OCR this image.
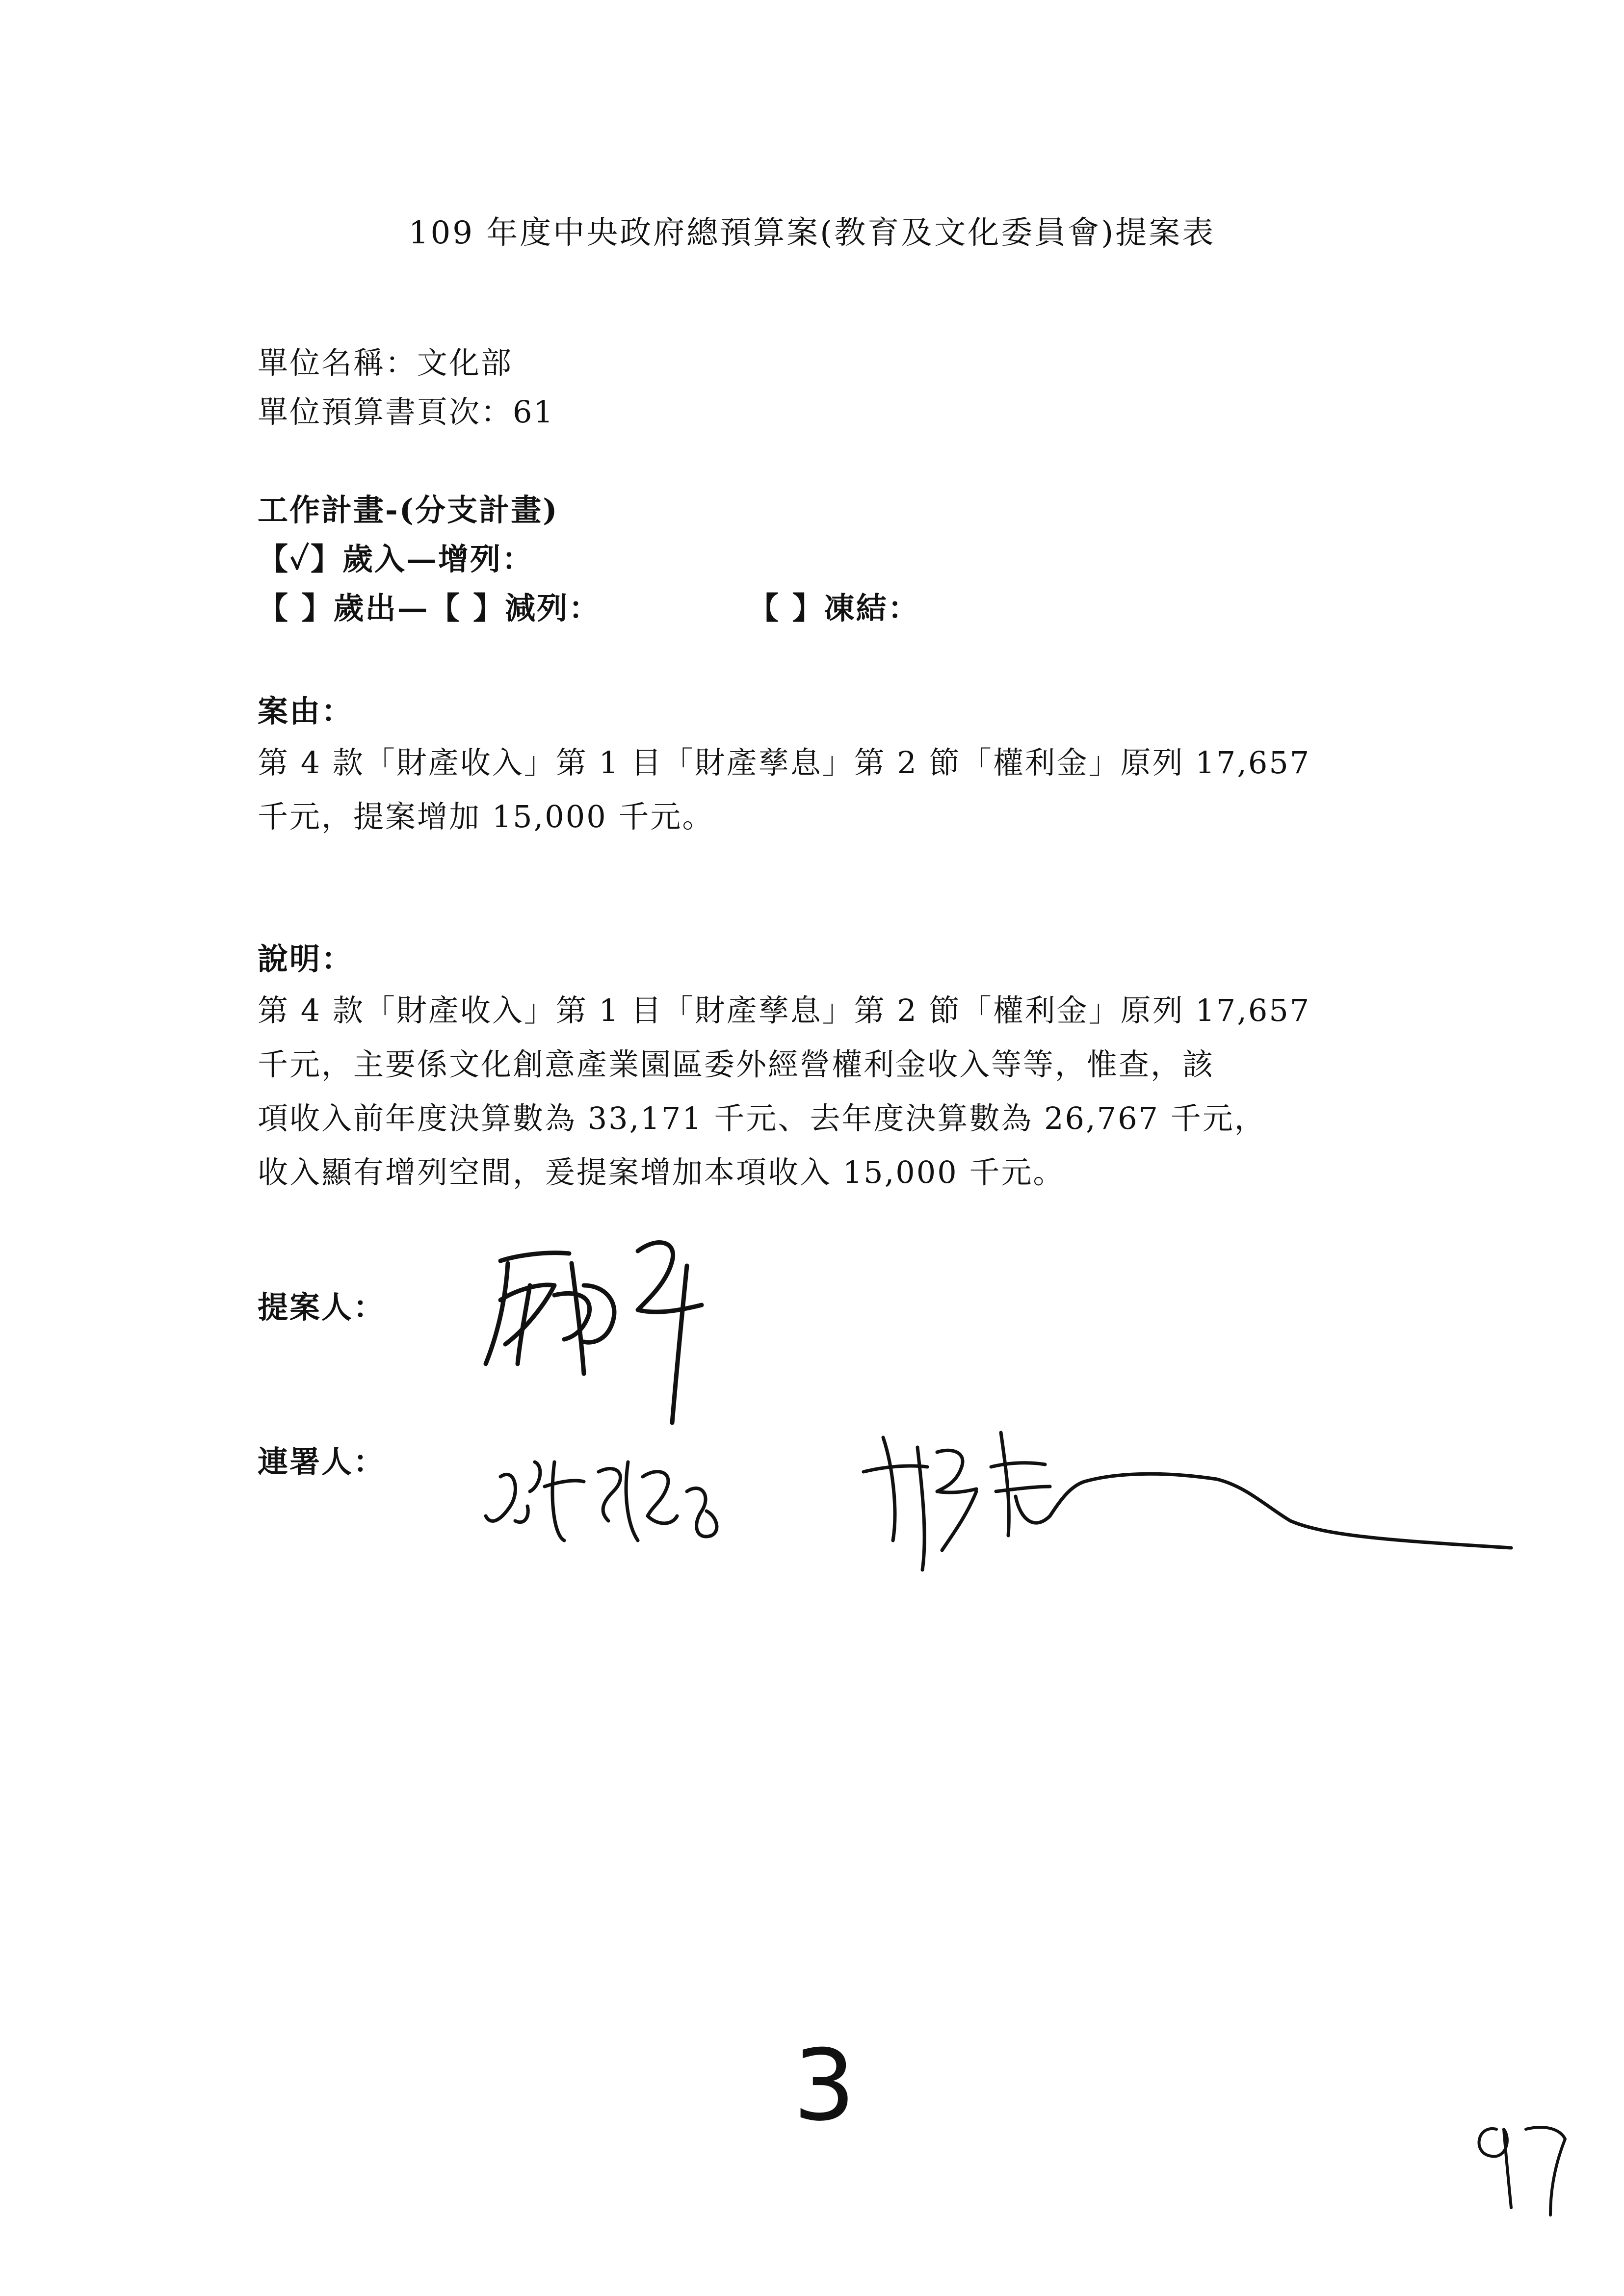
109 年度中央政府總預算案(教育及文化委員會)提案表
單位名稱：文化部
單位預算書頁次：61
工作計畫-(分支計畫)
【✓】歲入—增列：
【 】歲出—【 】減列：	【 】凍結：
案由：
第 4 款「財產收入」第 1 目「財產孳息」第 2 節「權利金」原列 17,657
千元，提案增加 15,000 千元。
說明：
第 4 款「財產收入」第 1 目「財產孳息」第 2 節「權利金」原列 17,657
千元，主要係文化創意產業園區委外經營權利金收入等等，惟查，該
項收入前年度決算數為 33,171 千元、去年度決算數為 26,767 千元，
收入顯有增列空間，爰提案增加本項收入 15,000 千元。
提案人：
連署人：
3
